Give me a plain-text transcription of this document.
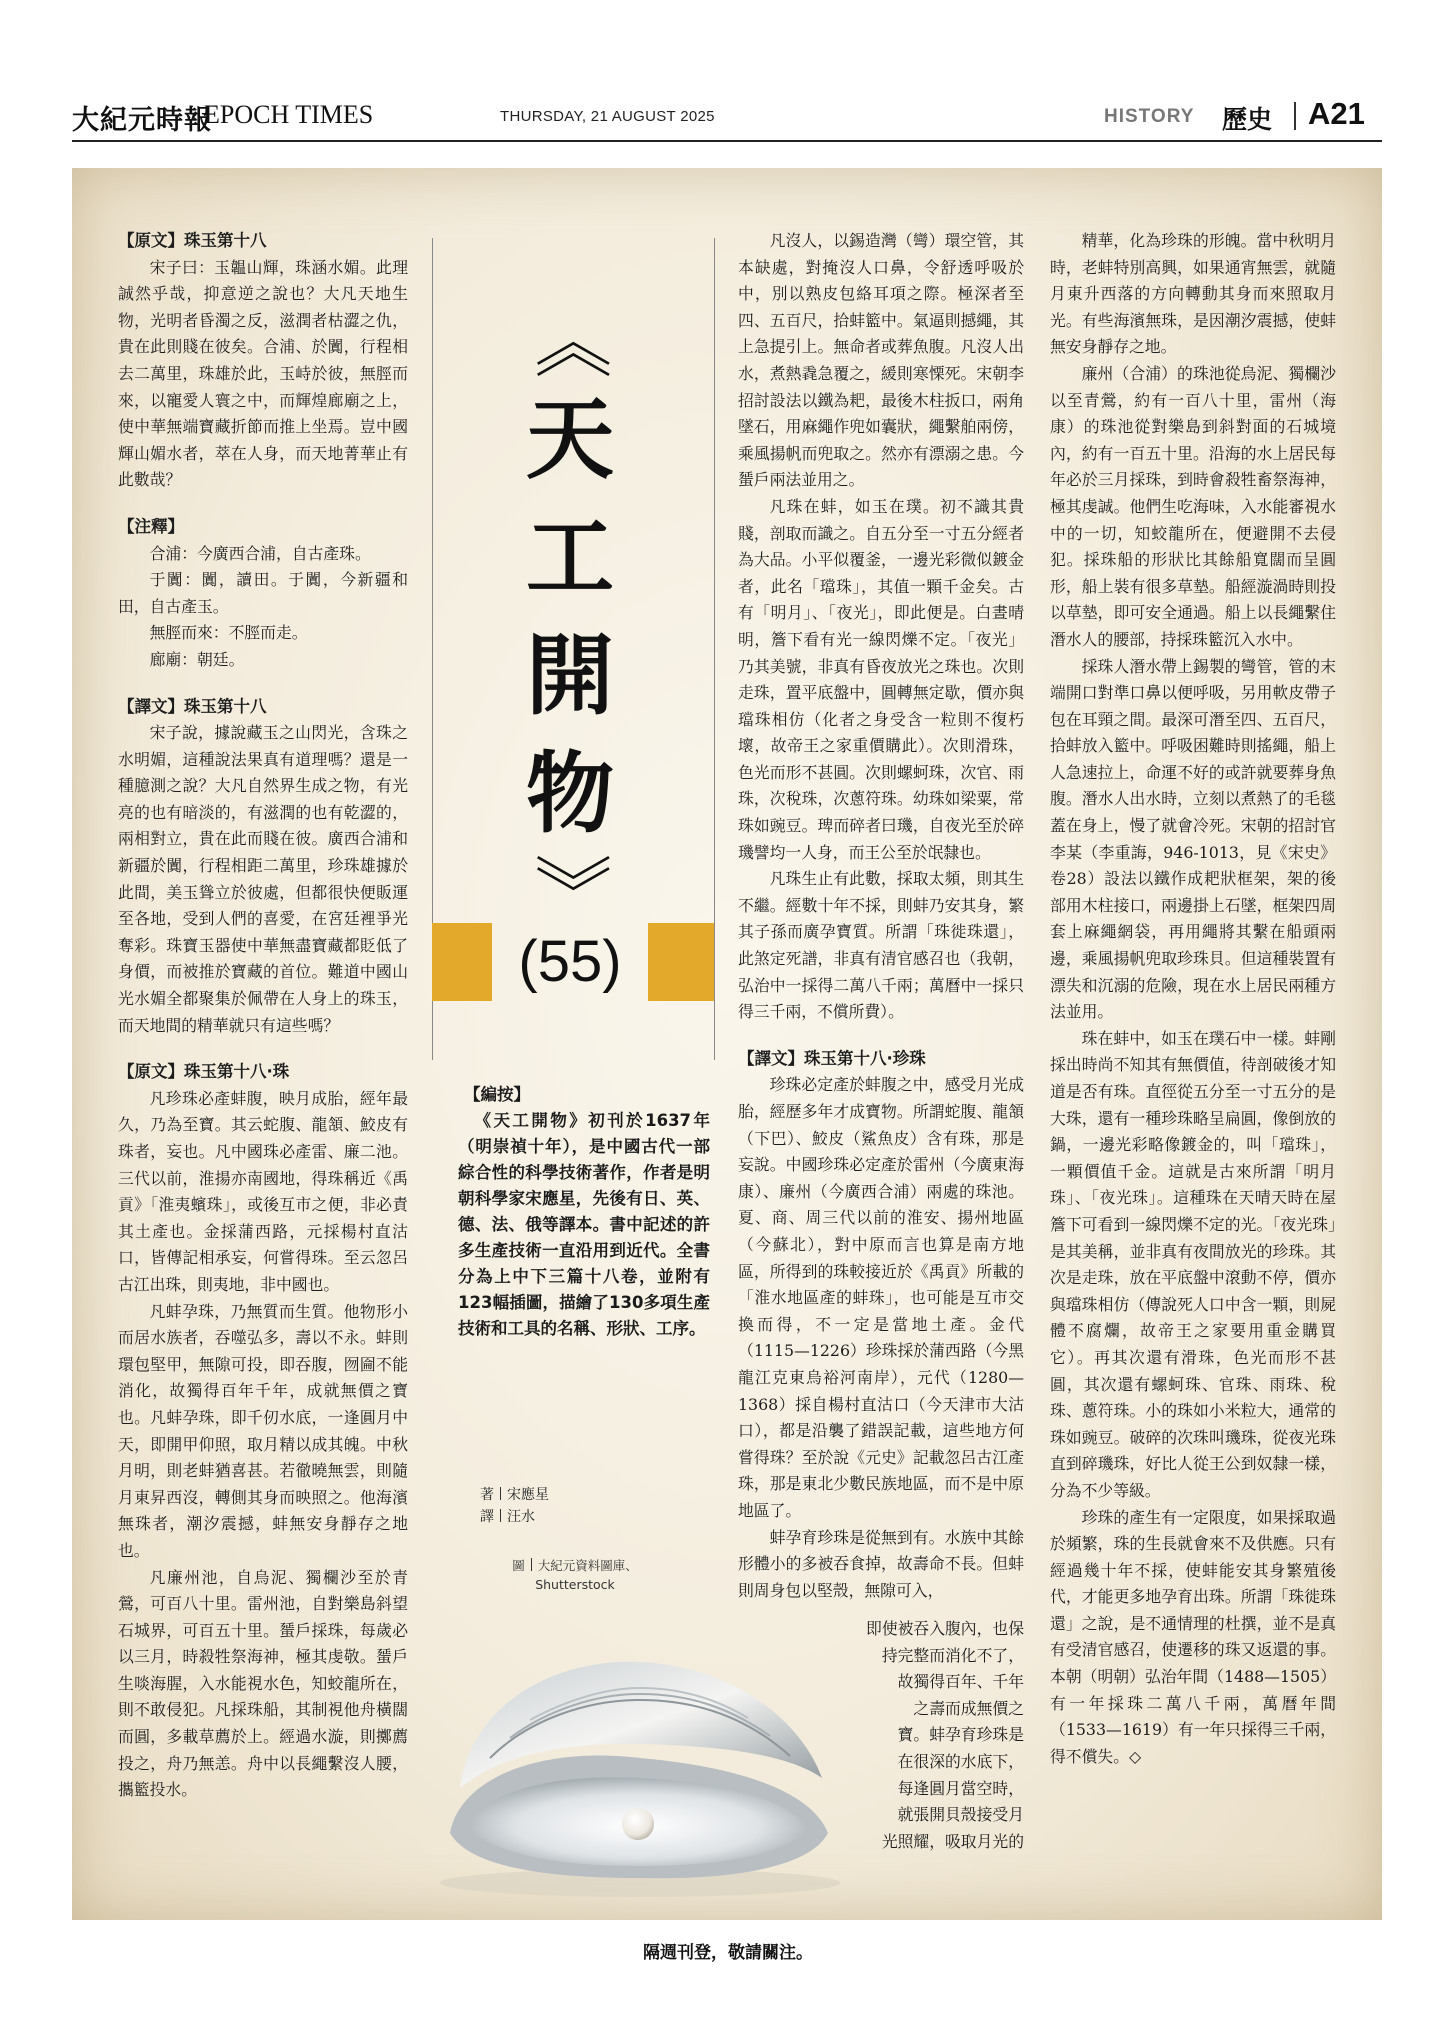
大紀元時報
EPOCH TIMES	THURSDAY, 21 AUGUST 2025	HISTORY 歷史 A21
【原文】珠玉第十八

宋子曰：玉韞山輝，珠涵水媚。此理誠然乎哉，抑意逆之說也？大凡天地生物，光明者昏濁之反，滋潤者枯澀之仇，貴在此則賤在彼矣。合浦、於闐，行程相去二萬里，珠雄於此，玉峙於彼，無脛而來，以寵愛人寰之中，而輝煌廊廟之上，使中華無端寶藏折節而推上坐焉。豈中國輝山媚水者，萃在人身，而天地菁華止有此數哉？

【注釋】

合浦：今廣西合浦，自古產珠。

于闐：闐，讀田。于闐，今新疆和田，自古產玉。

無脛而來：不脛而走。

廊廟：朝廷。

【譯文】珠玉第十八

宋子說，據說藏玉之山閃光，含珠之水明媚，這種說法果真有道理嗎？還是一種臆測之說？大凡自然界生成之物，有光亮的也有暗淡的，有滋潤的也有乾澀的，兩相對立，貴在此而賤在彼。廣西合浦和新疆於闐，行程相距二萬里，珍珠雄據於此間，美玉聳立於彼處，但都很快便販運至各地，受到人們的喜愛，在宮廷裡爭光奪彩。珠寶玉器使中華無盡寶藏都貶低了身價，而被推於寶藏的首位。難道中國山光水媚全都聚集於佩帶在人身上的珠玉，而天地間的精華就只有這些嗎？

【原文】珠玉第十八·珠

凡珍珠必產蚌腹，映月成胎，經年最久，乃為至寶。其云蛇腹、龍頷、鮫皮有珠者，妄也。凡中國珠必產雷、廉二池。三代以前，淮揚亦南國地，得珠稱近《禹貢》「淮夷蠙珠」，或後互市之便，非必責其土產也。金採蒲西路，元採楊村直沽口，皆傳記相承妄，何嘗得珠。至云忽呂古江出珠，則夷地，非中國也。

凡蚌孕珠，乃無質而生質。他物形小而居水族者，吞噬弘多，壽以不永。蚌則環包堅甲，無隙可投，即吞腹，囫圇不能消化，故獨得百年千年，成就無價之寶也。凡蚌孕珠，即千仞水底，一逢圓月中天，即開甲仰照，取月精以成其魄。中秋月明，則老蚌猶喜甚。若徹曉無雲，則隨月東昇西沒，轉側其身而映照之。他海濱無珠者，潮汐震撼，蚌無安身靜存之地也。

凡廉州池，自烏泥、獨欄沙至於青鶯，可百八十里。雷州池，自對樂島斜望石城界，可百五十里。蜑戶採珠，每歲必以三月，時殺牲祭海神，極其虔敬。蜑戶生啖海腥，入水能視水色，知蛟龍所在，則不敢侵犯。凡採珠船，其制視他舟橫闊而圓，多載草薦於上。經過水漩，則擲薦投之，舟乃無恙。舟中以長繩繫沒人腰，攜籃投水。

《
天
工
開
物
》
(55)
【編按】
《天工開物》初刊於1637年（明崇禎十年），是中國古代一部綜合性的科學技術著作，作者是明朝科學家宋應星，先後有日、英、德、法、俄等譯本。書中記述的許多生產技術一直沿用到近代。全書分為上中下三篇十八卷，並附有123幅插圖，描繪了130多項生產技術和工具的名稱、形狀、工序。
著 宋應星
譯 汪水
圖 大紀元資料圖庫、Shutterstock

凡沒人，以錫造灣（彎）環空管，其本缺處，對掩沒人口鼻，令舒透呼吸於中，別以熟皮包絡耳項之際。極深者至四、五百尺，拾蚌籃中。氣逼則撼繩，其上急提引上。無命者或葬魚腹。凡沒人出水，煮熱毳急覆之，緩則寒慄死。宋朝李招討設法以鐵為耙，最後木柱扳口，兩角墜石，用麻繩作兜如囊狀，繩繫舶兩傍，乘風揚帆而兜取之。然亦有漂溺之患。今蜑戶兩法並用之。

凡珠在蚌，如玉在璞。初不識其貴賤，剖取而識之。自五分至一寸五分經者為大品。小平似覆釜，一邊光彩微似鍍金者，此名「璫珠」，其值一顆千金矣。古有「明月」、「夜光」，即此便是。白晝晴明，簷下看有光一線閃爍不定。「夜光」乃其美號，非真有昏夜放光之珠也。次則走珠，置平底盤中，圓轉無定歇，價亦與璫珠相仿（化者之身受含一粒則不復朽壞，故帝王之家重價購此）。次則滑珠，色光而形不甚圓。次則螺蚵珠，次官、雨珠，次稅珠，次蔥符珠。幼珠如梁粟，常珠如豌豆。琕而碎者曰璣，自夜光至於碎璣譬均一人身，而王公至於氓隸也。

凡珠生止有此數，採取太頻，則其生不繼。經數十年不採，則蚌乃安其身，繁其子孫而廣孕寶質。所謂「珠徙珠還」，此煞定死譜，非真有清官感召也（我朝，弘治中一採得二萬八千兩；萬曆中一採只得三千兩，不償所費）。

【譯文】珠玉第十八·珍珠

珍珠必定產於蚌腹之中，感受月光成胎，經歷多年才成寶物。所謂蛇腹、龍頷（下巴）、鮫皮（鯊魚皮）含有珠，那是妄說。中國珍珠必定產於雷州（今廣東海康）、廉州（今廣西合浦）兩處的珠池。夏、商、周三代以前的淮安、揚州地區（今蘇北），對中原而言也算是南方地區，所得到的珠較接近於《禹貢》所載的「淮水地區產的蚌珠」，也可能是互市交換而得，不一定是當地土產。金代（1115—1226）珍珠採於蒲西路（今黑龍江克東烏裕河南岸），元代（1280—1368）採自楊村直沽口（今天津市大沽口），都是沿襲了錯誤記載，這些地方何嘗得珠？至於說《元史》記載忽呂古江產珠，那是東北少數民族地區，而不是中原地區了。

蚌孕育珍珠是從無到有。水族中其餘形體小的多被吞食掉，故壽命不長。但蚌則周身包以堅殼，無隙可入，

即使被吞入腹內，也保
持完整而消化不了，
故獨得百年、千年
之壽而成無價之
寶。蚌孕育珍珠是
在很深的水底下，
每逢圓月當空時，
就張開貝殼接受月
光照耀，吸取月光的

精華，化為珍珠的形魄。當中秋明月時，老蚌特別高興，如果通宵無雲，就隨月東升西落的方向轉動其身而來照取月光。有些海濱無珠，是因潮汐震撼，使蚌無安身靜存之地。

廉州（合浦）的珠池從烏泥、獨欄沙以至青鶯，約有一百八十里，雷州（海康）的珠池從對樂島到斜對面的石城境內，約有一百五十里。沿海的水上居民每年必於三月採珠，到時會殺牲畜祭海神，極其虔誠。他們生吃海味，入水能審視水中的一切，知蛟龍所在，便避開不去侵犯。採珠船的形狀比其餘船寬闊而呈圓形，船上裝有很多草墊。船經漩渦時則投以草墊，即可安全通過。船上以長繩繫住潛水人的腰部，持採珠籃沉入水中。

採珠人潛水帶上錫製的彎管，管的末端開口對準口鼻以便呼吸，另用軟皮帶子包在耳頸之間。最深可潛至四、五百尺，拾蚌放入籃中。呼吸困難時則搖繩，船上人急速拉上，命運不好的或許就要葬身魚腹。潛水人出水時，立刻以煮熱了的毛毯蓋在身上，慢了就會冷死。宋朝的招討官李某（李重誨，946-1013，見《宋史》卷28）設法以鐵作成耙狀框架，架的後部用木柱接口，兩邊掛上石墜，框架四周套上麻繩網袋，再用繩將其繫在船頭兩邊，乘風揚帆兜取珍珠貝。但這種裝置有漂失和沉溺的危險，現在水上居民兩種方法並用。

珠在蚌中，如玉在璞石中一樣。蚌剛採出時尚不知其有無價值，待剖破後才知道是否有珠。直徑從五分至一寸五分的是大珠，還有一種珍珠略呈扁圓，像倒放的鍋，一邊光彩略像鍍金的，叫「璫珠」，一顆價值千金。這就是古來所謂「明月珠」、「夜光珠」。這種珠在天晴天時在屋簷下可看到一線閃爍不定的光。「夜光珠」是其美稱，並非真有夜間放光的珍珠。其次是走珠，放在平底盤中滾動不停，價亦與璫珠相仿（傳說死人口中含一顆，則屍體不腐爛，故帝王之家要用重金購買它）。再其次還有滑珠，色光而形不甚圓，其次還有螺蚵珠、官珠、雨珠、稅珠、蔥符珠。小的珠如小米粒大，通常的珠如豌豆。破碎的次珠叫璣珠，從夜光珠直到碎璣珠，好比人從王公到奴隸一樣，分為不少等級。

珍珠的產生有一定限度，如果採取過於頻繁，珠的生長就會來不及供應。只有經過幾十年不採，使蚌能安其身繁殖後代，才能更多地孕育出珠。所謂「珠徙珠還」之說，是不通情理的杜撰，並不是真有受清官感召，使遷移的珠又返還的事。本朝（明朝）弘治年間（1488—1505）有一年採珠二萬八千兩，萬曆年間（1533—1619）有一年只採得三千兩，得不償失。◇

隔週刊登，敬請關注。
